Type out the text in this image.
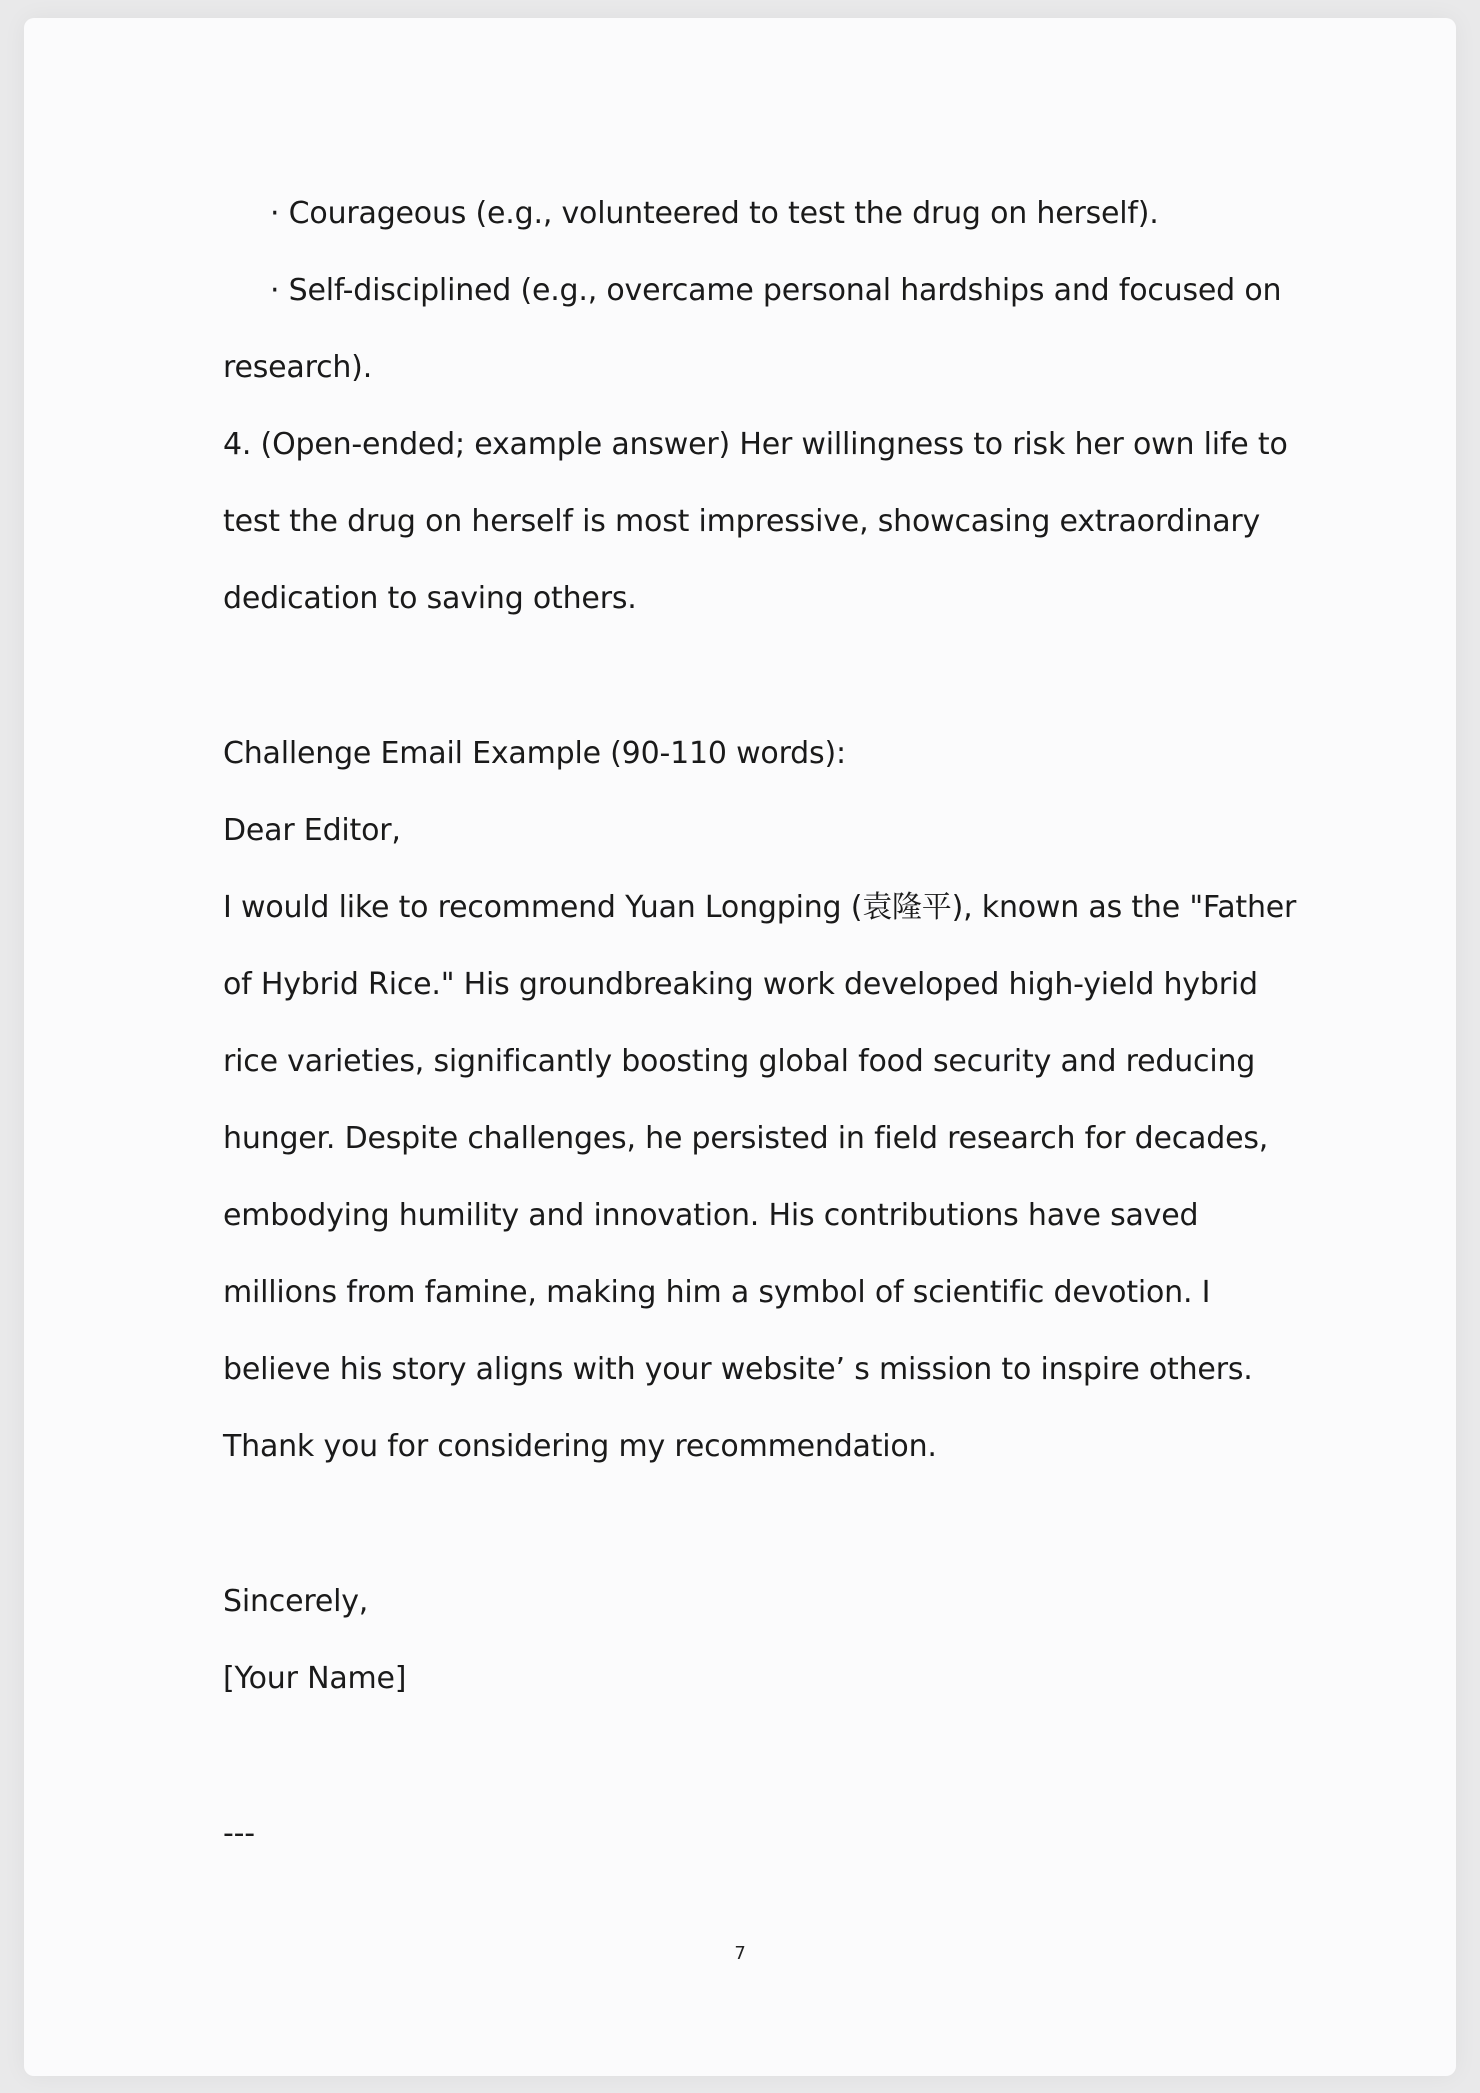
· Courageous (e.g., volunteered to test the drug on herself).
· Self-disciplined (e.g., overcame personal hardships and focused on
research).
4. (Open-ended; example answer) Her willingness to risk her own life to
test the drug on herself is most impressive, showcasing extraordinary
dedication to saving others.
Challenge Email Example (90-110 words):
Dear Editor,
I would like to recommend Yuan Longping (袁隆平), known as the "Father
of Hybrid Rice." His groundbreaking work developed high-yield hybrid
rice varieties, significantly boosting global food security and reducing
hunger. Despite challenges, he persisted in field research for decades,
embodying humility and innovation. His contributions have saved
millions from famine, making him a symbol of scientific devotion. I
believe his story aligns with your website’ s mission to inspire others.
Thank you for considering my recommendation.
Sincerely,
[Your Name]
---
7
